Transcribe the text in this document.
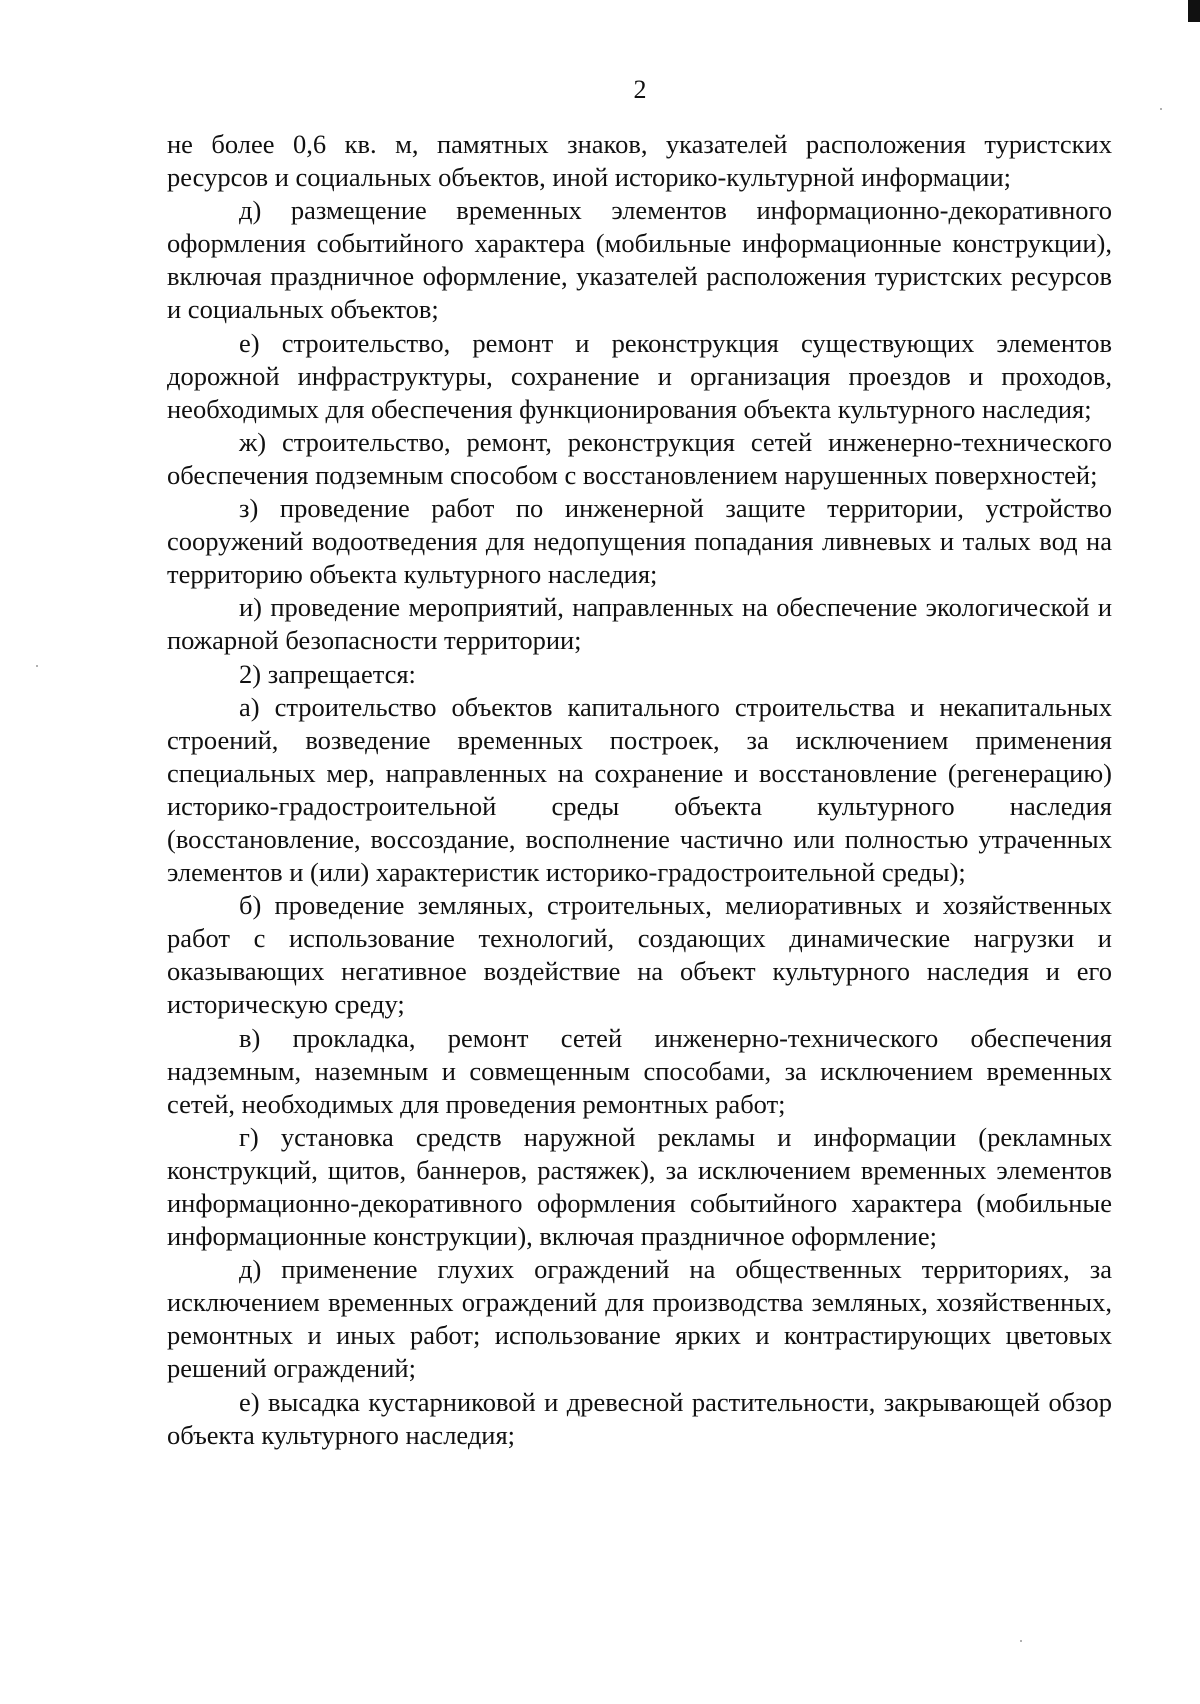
2

не более 0,6 кв. м, памятных знаков, указателей расположения туристских ресурсов и социальных объектов, иной историко-культурной информации;

д) размещение временных элементов информационно-декоративного оформления событийного характера (мобильные информационные конструкции), включая праздничное оформление, указателей расположения туристских ресурсов и социальных объектов;

е) строительство, ремонт и реконструкция существующих элементов дорожной инфраструктуры, сохранение и организация проездов и проходов, необходимых для обеспечения функционирования объекта культурного наследия;

ж) строительство, ремонт, реконструкция сетей инженерно-технического обеспечения подземным способом с восстановлением нарушенных поверхностей;

з) проведение работ по инженерной защите территории, устройство сооружений водоотведения для недопущения попадания ливневых и талых вод на территорию объекта культурного наследия;

и) проведение мероприятий, направленных на обеспечение экологической и пожарной безопасности территории;

2) запрещается:

а) строительство объектов капитального строительства и некапитальных строений, возведение временных построек, за исключением применения специальных мер, направленных на сохранение и восстановление (регенерацию) историко-градостроительной среды объекта культурного наследия (восстановление, воссоздание, восполнение частично или полностью утраченных элементов и (или) характеристик историко-градостроительной среды);

б) проведение земляных, строительных, мелиоративных и хозяйственных работ с использование технологий, создающих динамические нагрузки и оказывающих негативное воздействие на объект культурного наследия и его историческую среду;

в) прокладка, ремонт сетей инженерно-технического обеспечения надземным, наземным и совмещенным способами, за исключением временных сетей, необходимых для проведения ремонтных работ;

г) установка средств наружной рекламы и информации (рекламных конструкций, щитов, баннеров, растяжек), за исключением временных элементов информационно-декоративного оформления событийного характера (мобильные информационные конструкции), включая праздничное оформление;

д) применение глухих ограждений на общественных территориях, за исключением временных ограждений для производства земляных, хозяйственных, ремонтных и иных работ; использование ярких и контрастирующих цветовых решений ограждений;

е) высадка кустарниковой и древесной растительности, закрывающей обзор объекта культурного наследия;
